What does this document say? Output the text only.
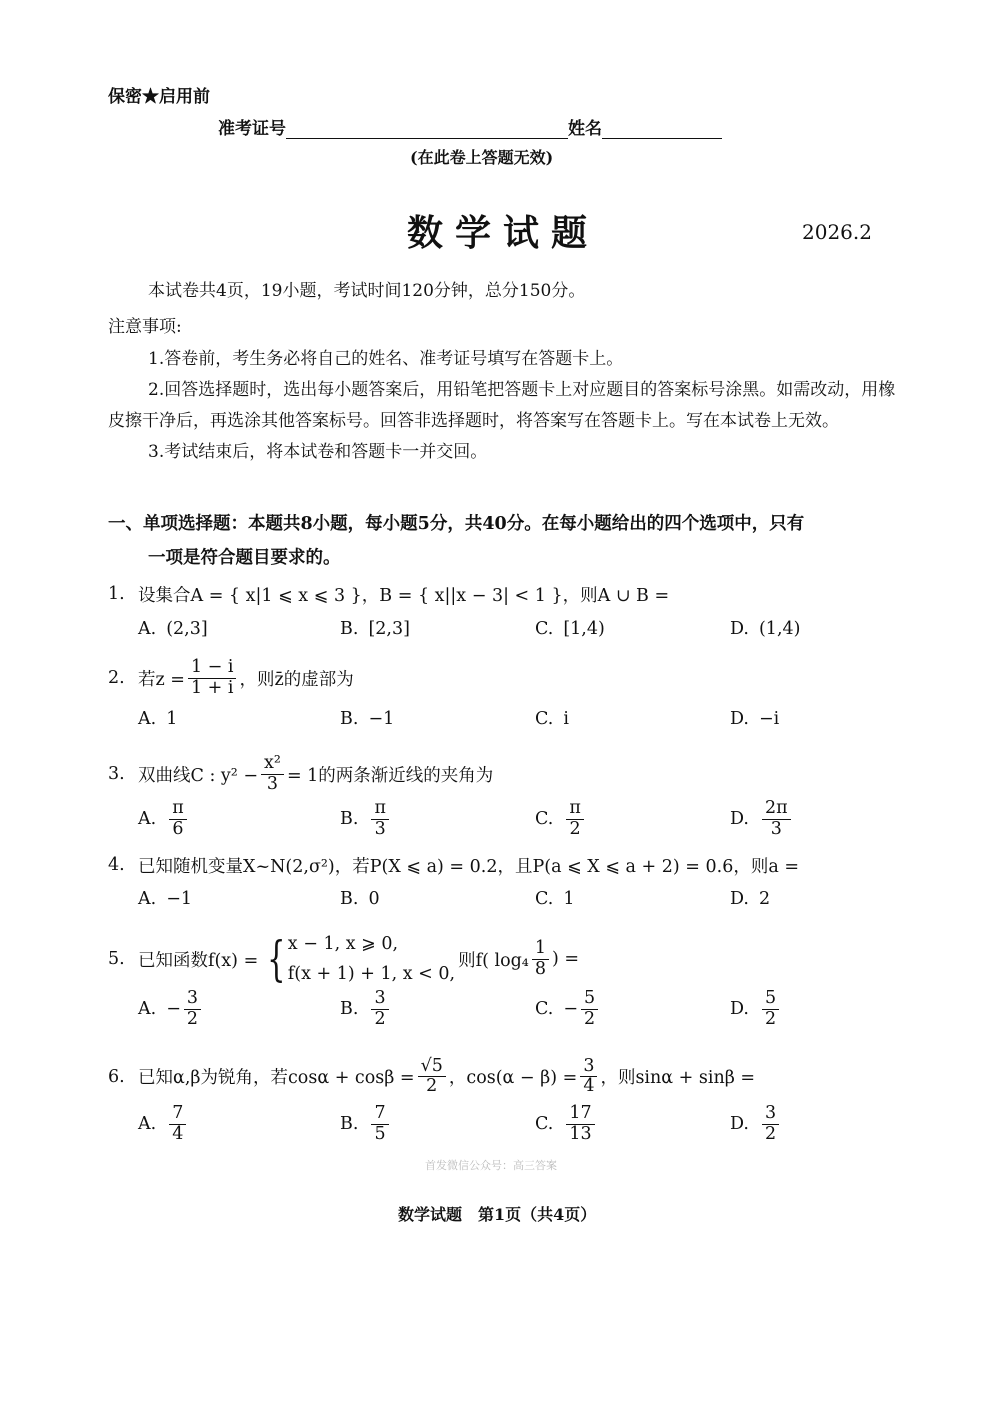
保密★启用前
准考证号	姓名
(在此卷上答题无效)
数学试题	2026.2
本试卷共4页，19小题，考试时间120分钟，总分150分。
注意事项:
1.答卷前，考生务必将自己的姓名、准考证号填写在答题卡上。
2.回答选择题时，选出每小题答案后，用铅笔把答题卡上对应题目的答案标号涂黑。如需改动，用橡皮擦干净后，再选涂其他答案标号。回答非选择题时，将答案写在答题卡上。写在本试卷上无效。
3.考试结束后，将本试卷和答题卡一并交回。
一、单项选择题：本题共8小题，每小题5分，共40分。在每小题给出的四个选项中，只有
一项是符合题目要求的。
1. 设集合A = { x|1 ⩽ x ⩽ 3 }，B = { x||x − 3| < 1 }，则A ∪ B =
A. (2,3]	B. [2,3]	C. [1,4)	D. (1,4)
2. 若$z = \frac{1 - i}{1 + i}$ ，则z̄的虚部为
A. 1	B. −1	C. i	D. −i
3. 双曲线C : $y^2 - \frac{\text{x²}}{3} = 1$的两条渐近线的夹角为
A. $\frac{\pi}{6}$	B. $\frac{\pi}{3}$	C. $\frac{\pi}{2}$	D. $\frac{2\pi}{3}$
4. 已知随机变量X~N(2,σ²)，若P(X ⩽ a) = 0.2，且P(a ⩽ X ⩽ a + 2) = 0.6，则a =
A. −1	B. 0	C. 1	D. 2
5. 已知函数f(x) = { x − 1, x ⩾ 0,
f(x + 1) + 1, x < 0,
则f( $\log_4 \frac{1}{8}$ ) =
A. − $\frac{3}{2}$	B. $\frac{3}{2}$	C. − $\frac{5}{2}$	D. $\frac{5}{2}$
6. 已知α,β为锐角，若$\cos\alpha + \cos\beta = \frac{√5}{2}$ ，$\cos(\alpha - \beta) = \frac{3}{4}$ ，则sinα + sinβ =
A. $\frac{7}{4}$	B. $\frac{7}{5}$	C. $\frac{17}{13}$	D. $\frac{3}{2}$
首发微信公众号：高三答案
数学试题　第1页（共4页）
